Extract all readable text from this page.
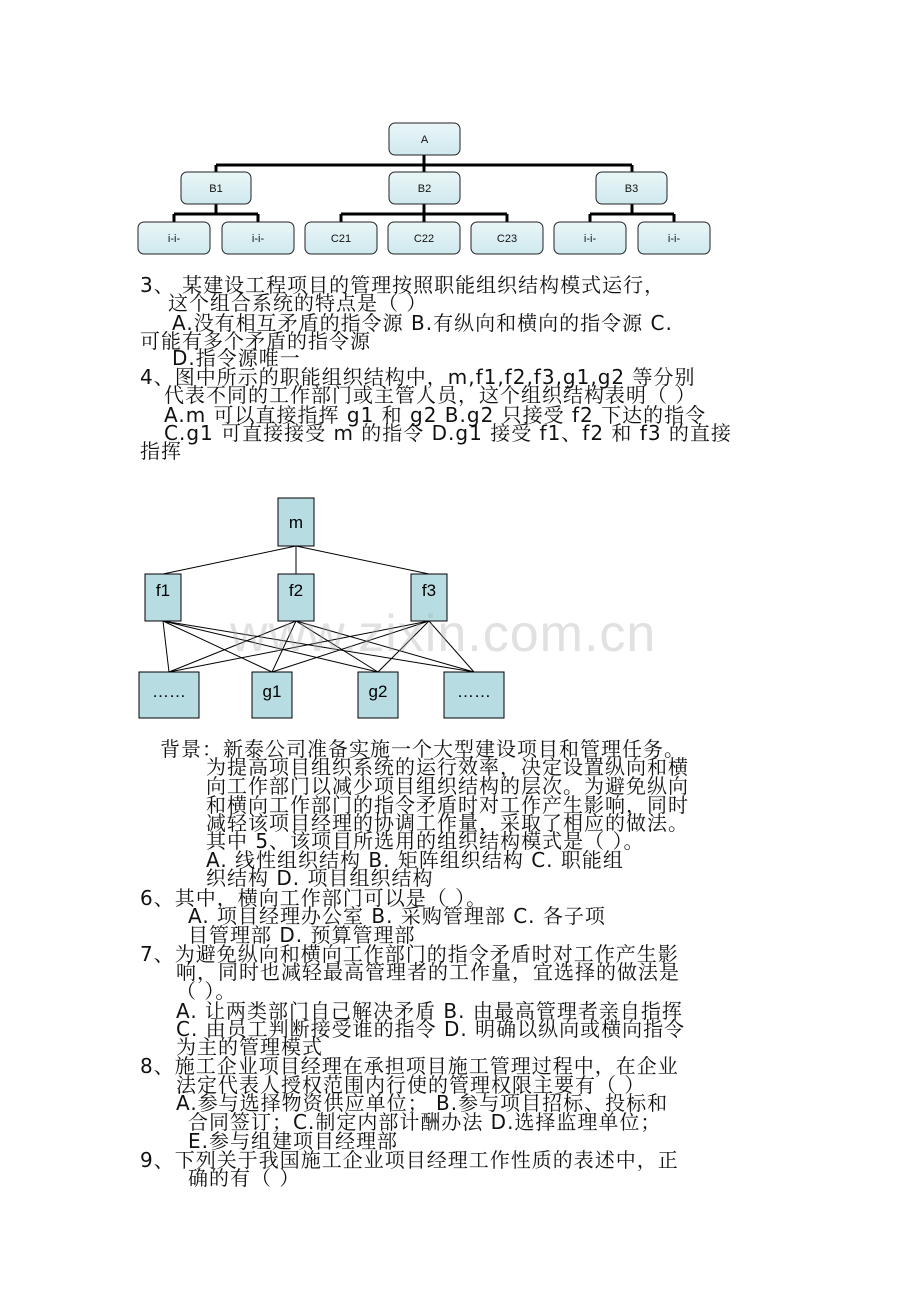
A
B1	B2	B3
i-i-	i-i-	C21	C22	C23	i-i-	i-i-

3、 某建设工程项目的管理按照职能组织结构模式运行，

这个组合系统的特点是（ ）

A.没有相互矛盾的指令源 B.有纵向和横向的指令源 C.

可能有多个矛盾的指令源

D.指令源唯一

4、图中所示的职能组织结构中，m,f1,f2,f3,g1,g2 等分别

代表不同的工作部门或主管人员，这个组织结构表明（ ）

A.m 可以直接指挥 g1 和 g2 B.g2 只接受 f2 下达的指令

C.g1 可直接接受 m 的指令 D.g1 接受 f1、f2 和 f3 的直接

指挥

m
f1	f2	f3
……	g1	g2	……

www.zixin.com.cn

背景：新泰公司准备实施一个大型建设项目和管理任务。

为提高项目组织系统的运行效率，决定设置纵向和横

向工作部门以减少项目组织结构的层次。为避免纵向

和横向工作部门的指令矛盾时对工作产生影响，同时

减轻该项目经理的协调工作量，采取了相应的做法。

其中 5、该项目所选用的组织结构模式是（ ）。

A. 线性组织结构 B. 矩阵组织结构 C. 职能组

织结构 D. 项目组织结构

6、其中，横向工作部门可以是（ ）。

A. 项目经理办公室 B. 采购管理部 C. 各子项

目管理部 D. 预算管理部

7、为避免纵向和横向工作部门的指令矛盾时对工作产生影

响，同时也减轻最高管理者的工作量，宜选择的做法是

（ ）。

A. 让两类部门自己解决矛盾 B. 由最高管理者亲自指挥

C. 由员工判断接受谁的指令 D. 明确以纵向或横向指令

为主的管理模式

8、施工企业项目经理在承担项目施工管理过程中，在企业

法定代表人授权范围内行使的管理权限主要有（ ）

A.参与选择物资供应单位； B.参与项目招标、投标和

合同签订；C.制定内部计酬办法 D.选择监理单位；

E.参与组建项目经理部

9、下列关于我国施工企业项目经理工作性质的表述中，正

确的有（ ）
